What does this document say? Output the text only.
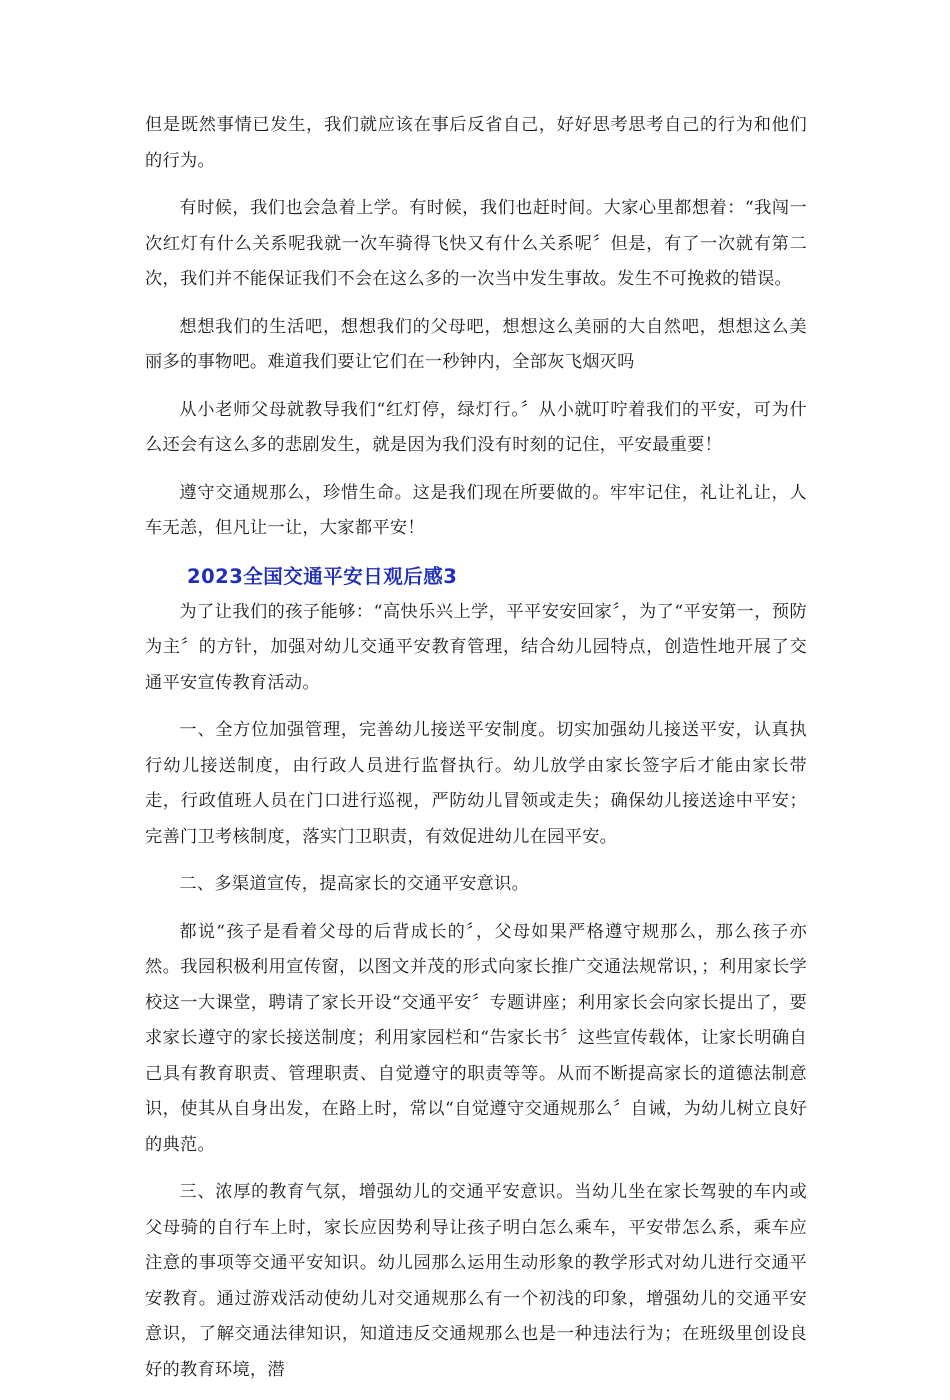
但是既然事情已发生，我们就应该在事后反省自己，好好思考思考自己的行为和他们的行为。

有时候，我们也会急着上学。有时候，我们也赶时间。大家心里都想着：“我闯一次红灯有什么关系呢我就一次车骑得飞快又有什么关系呢〞但是，有了一次就有第二次，我们并不能保证我们不会在这么多的一次当中发生事故。发生不可挽救的错误。

想想我们的生活吧，想想我们的父母吧，想想这么美丽的大自然吧，想想这么美丽多的事物吧。难道我们要让它们在一秒钟内，全部灰飞烟灭吗

从小老师父母就教导我们“红灯停，绿灯行。〞从小就叮咛着我们的平安，可为什么还会有这么多的悲剧发生，就是因为我们没有时刻的记住，平安最重要！

遵守交通规那么，珍惜生命。这是我们现在所要做的。牢牢记住，礼让礼让，人车无恙，但凡让一让，大家都平安！

2023全国交通平安日观后感3

为了让我们的孩子能够：“高快乐兴上学，平平安安回家〞，为了“平安第一，预防为主〞的方针，加强对幼儿交通平安教育管理，结合幼儿园特点，创造性地开展了交通平安宣传教育活动。

一、全方位加强管理，完善幼儿接送平安制度。切实加强幼儿接送平安，认真执行幼儿接送制度，由行政人员进行监督执行。幼儿放学由家长签字后才能由家长带走，行政值班人员在门口进行巡视，严防幼儿冒领或走失；确保幼儿接送途中平安；完善门卫考核制度，落实门卫职责，有效促进幼儿在园平安。

二、多渠道宣传，提高家长的交通平安意识。

都说“孩子是看着父母的后背成长的〞，父母如果严格遵守规那么，那么孩子亦然。我园积极利用宣传窗，以图文并茂的形式向家长推广交通法规常识，；利用家长学校这一大课堂，聘请了家长开设“交通平安〞专题讲座；利用家长会向家长提出了，要求家长遵守的家长接送制度；利用家园栏和“告家长书〞这些宣传载体，让家长明确自己具有教育职责、管理职责、自觉遵守的职责等等。从而不断提高家长的道德法制意识，使其从自身出发，在路上时，常以“自觉遵守交通规那么〞自诫，为幼儿树立良好的典范。

三、浓厚的教育气氛，增强幼儿的交通平安意识。当幼儿坐在家长驾驶的车内或父母骑的自行车上时，家长应因势利导让孩子明白怎么乘车，平安带怎么系，乘车应注意的事项等交通平安知识。幼儿园那么运用生动形象的教学形式对幼儿进行交通平安教育。通过游戏活动使幼儿对交通规那么有一个初浅的印象，增强幼儿的交通平安意识，了解交通法律知识，知道违反交通规那么也是一种违法行为；在班级里创设良好的教育环境，潜
